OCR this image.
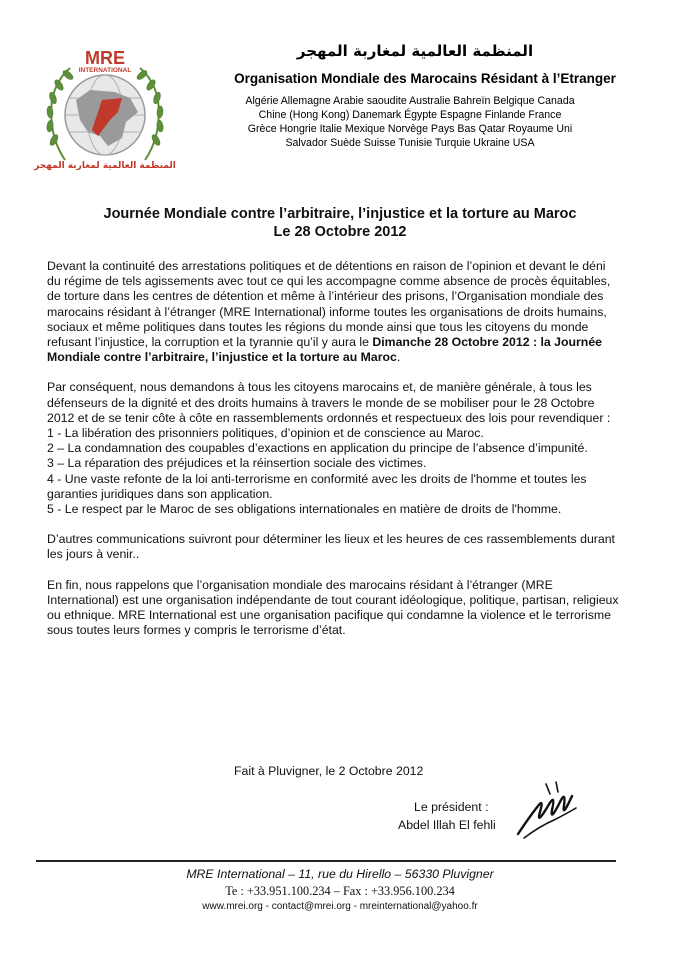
MRE
INTERNATIONAL
المنظمة العالمية لمغاربة المهجر
المنظمة العالمية لمغاربة المهجر
Organisation Mondiale des Marocains Résidant à l’Etranger
Algérie Allemagne Arabie saoudite Australie Bahreïn Belgique Canada
Chine (Hong Kong) Danemark Égypte Espagne Finlande France
Grèce Hongrie Italie Mexique Norvège Pays Bas Qatar Royaume Uni
Salvador Suède Suisse Tunisie Turquie Ukraine USA
Journée Mondiale contre l’arbitraire, l’injustice et la torture au Maroc
Le 28 Octobre 2012

Devant la continuité des arrestations politiques et de détentions en raison de l’opinion et devant le déni du régime de tels agissements avec tout ce qui les accompagne comme absence de procès équitables, de torture dans les centres de détention et même à l’intérieur des prisons, l’Organisation mondiale des marocains résidant à l’étranger (MRE International) informe toutes les organisations de droits humains, sociaux et même politiques dans toutes les régions du monde ainsi que tous les citoyens du monde refusant l’injustice, la corruption et la tyrannie qu’il y aura le Dimanche 28 Octobre 2012 : la Journée Mondiale contre l’arbitraire, l’injustice et la torture au Maroc.

Par conséquent, nous demandons à tous les citoyens marocains et, de manière générale, à tous les défenseurs de la dignité et des droits humains à travers le monde de se mobiliser pour le 28 Octobre 2012 et de se tenir côte à côte en rassemblements ordonnés et respectueux des lois pour revendiquer :
1 - La libération des prisonniers politiques, d’opinion et de conscience au Maroc.
2 – La condamnation des coupables d’exactions en application du principe de l’absence d’impunité.
3 – La réparation des préjudices et la réinsertion sociale des victimes.
4 - Une vaste refonte de la loi anti-terrorisme en conformité avec les droits de l'homme et toutes les garanties juridiques dans son application.
5 - Le respect par le Maroc de ses obligations internationales en matière de droits de l'homme.

D’autres communications suivront pour déterminer les lieux et les heures de ces rassemblements durant les jours à venir..

En fin, nous rappelons que l’organisation mondiale des marocains résidant à l’étranger (MRE International) est une organisation indépendante de tout courant idéologique, politique, partisan, religieux ou ethnique. MRE International est une organisation pacifique qui condamne la violence et le terrorisme sous toutes leurs formes y compris le terrorisme d’état.

Fait à Pluvigner, le 2 Octobre 2012
Le président :
Abdel Illah El fehli
MRE International – 11, rue du Hirello – 56330 Pluvigner
Te : +33.951.100.234 – Fax : +33.956.100.234
www.mrei.org - contact@mrei.org - mreinternational@yahoo.fr
